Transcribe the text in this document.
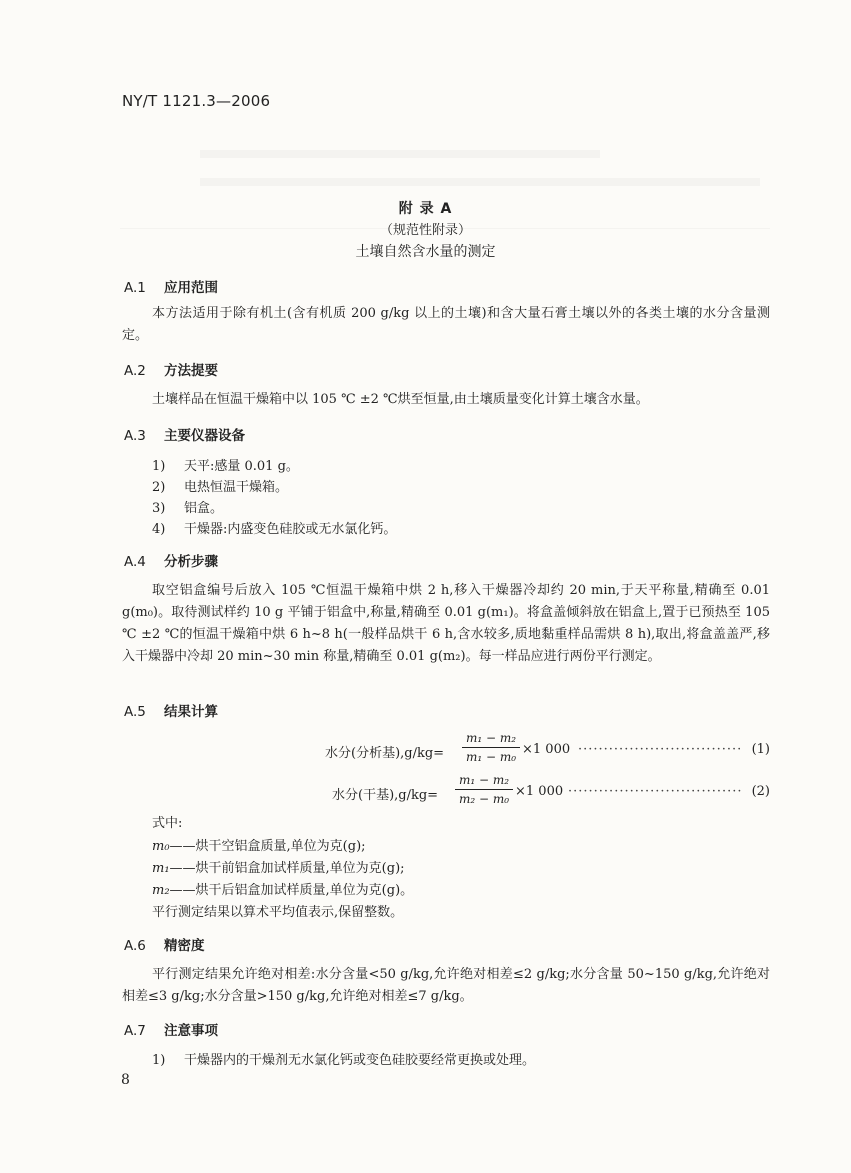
NY/T 1121.3—2006
附 录 A
（规范性附录）
土壤自然含水量的测定
A.1 应用范围
本方法适用于除有机土(含有机质 200 g/kg 以上的土壤)和含大量石膏土壤以外的各类土壤的水分含量测定。
A.2 方法提要
土壤样品在恒温干燥箱中以 105 ℃ ±2 ℃烘至恒量,由土壤质量变化计算土壤含水量。
A.3 主要仪器设备
1) 天平:感量 0.01 g。
2) 电热恒温干燥箱。
3) 铝盒。
4) 干燥器:内盛变色硅胶或无水氯化钙。
A.4 分析步骤
取空铝盒编号后放入 105 ℃恒温干燥箱中烘 2 h,移入干燥器冷却约 20 min,于天平称量,精确至 0.01 g(m₀)。取待测试样约 10 g 平铺于铝盒中,称量,精确至 0.01 g(m₁)。将盒盖倾斜放在铝盒上,置于已预热至 105 ℃ ±2 ℃的恒温干燥箱中烘 6 h~8 h(一般样品烘干 6 h,含水较多,质地黏重样品需烘 8 h),取出,将盒盖盖严,移入干燥器中冷却 20 min~30 min 称量,精确至 0.01 g(m₂)。每一样品应进行两份平行测定。
A.5 结果计算
水分(分析基),g/kg=
m₁ − m₂
m₁ − m₀ ×1 000 ································ (1)
水分(干基),g/kg=
m₁ − m₂
m₂ − m₀ ×1 000 ·································· (2)
式中:
m₀——烘干空铝盒质量,单位为克(g);
m₁——烘干前铝盒加试样质量,单位为克(g);
m₂——烘干后铝盒加试样质量,单位为克(g)。
平行测定结果以算术平均值表示,保留整数。
A.6 精密度
平行测定结果允许绝对相差:水分含量<50 g/kg,允许绝对相差≤2 g/kg;水分含量 50~150 g/kg,允许绝对相差≤3 g/kg;水分含量>150 g/kg,允许绝对相差≤7 g/kg。
A.7 注意事项
1) 干燥器内的干燥剂无水氯化钙或变色硅胶要经常更换或处理。
8
